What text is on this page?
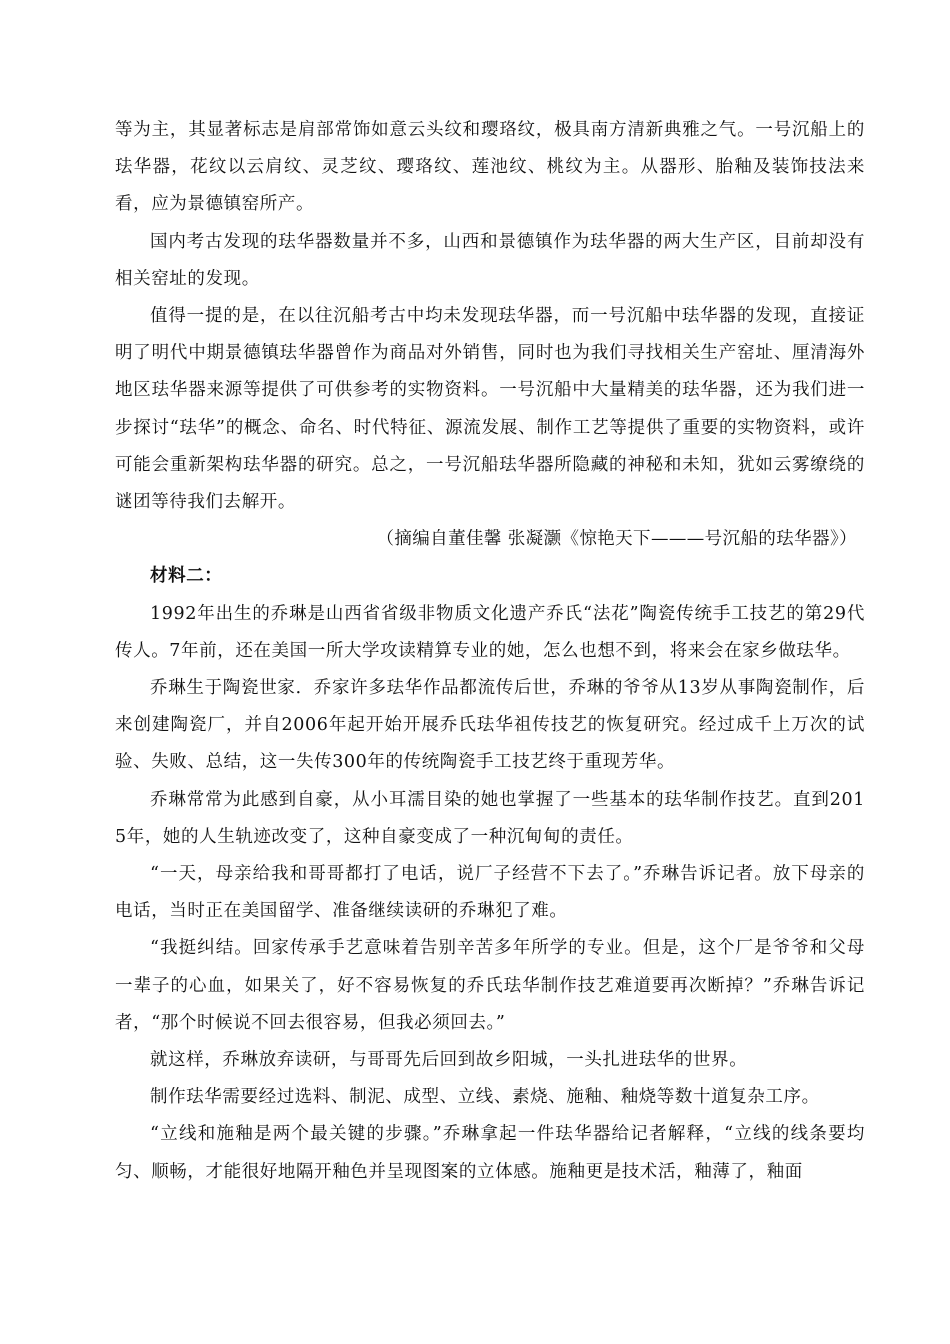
等为主，其显著标志是肩部常饰如意云头纹和璎珞纹，极具南方清新典雅之气。一号沉船上的珐华器，花纹以云肩纹、灵芝纹、璎珞纹、莲池纹、桃纹为主。从器形、胎釉及装饰技法来看，应为景德镇窑所产。

国内考古发现的珐华器数量并不多，山西和景德镇作为珐华器的两大生产区，目前却没有相关窑址的发现。

值得一提的是，在以往沉船考古中均未发现珐华器，而一号沉船中珐华器的发现，直接证明了明代中期景德镇珐华器曾作为商品对外销售，同时也为我们寻找相关生产窑址、厘清海外地区珐华器来源等提供了可供参考的实物资料。一号沉船中大量精美的珐华器，还为我们进一步探讨“珐华”的概念、命名、时代特征、源流发展、制作工艺等提供了重要的实物资料，或许可能会重新架构珐华器的研究。总之，一号沉船珐华器所隐藏的神秘和未知，犹如云雾缭绕的谜团等待我们去解开。

（摘编自董佳馨 张凝灏《惊艳天下———号沉船的珐华器》）

材料二：

1992年出生的乔琳是山西省省级非物质文化遗产乔氏“法花”陶瓷传统手工技艺的第29代传人。7年前，还在美国一所大学攻读精算专业的她，怎么也想不到，将来会在家乡做珐华。

乔琳生于陶瓷世家．乔家许多珐华作品都流传后世，乔琳的爷爷从13岁从事陶瓷制作，后来创建陶瓷厂，并自2006年起开始开展乔氏珐华祖传技艺的恢复研究。经过成千上万次的试验、失败、总结，这一失传300年的传统陶瓷手工技艺终于重现芳华。

乔琳常常为此感到自豪，从小耳濡目染的她也掌握了一些基本的珐华制作技艺。直到2015年，她的人生轨迹改变了，这种自豪变成了一种沉甸甸的责任。

“一天，母亲给我和哥哥都打了电话，说厂子经营不下去了。”乔琳告诉记者。放下母亲的电话，当时正在美国留学、准备继续读研的乔琳犯了难。

“我挺纠结。回家传承手艺意味着告别辛苦多年所学的专业。但是，这个厂是爷爷和父母一辈子的心血，如果关了，好不容易恢复的乔氏珐华制作技艺难道要再次断掉？”乔琳告诉记者，“那个时候说不回去很容易，但我必须回去。”

就这样，乔琳放弃读研，与哥哥先后回到故乡阳城，一头扎进珐华的世界。

制作珐华需要经过选料、制泥、成型、立线、素烧、施釉、釉烧等数十道复杂工序。

“立线和施釉是两个最关键的步骤。”乔琳拿起一件珐华器给记者解释，“立线的线条要均匀、顺畅，才能很好地隔开釉色并呈现图案的立体感。施釉更是技术活，釉薄了，釉面
